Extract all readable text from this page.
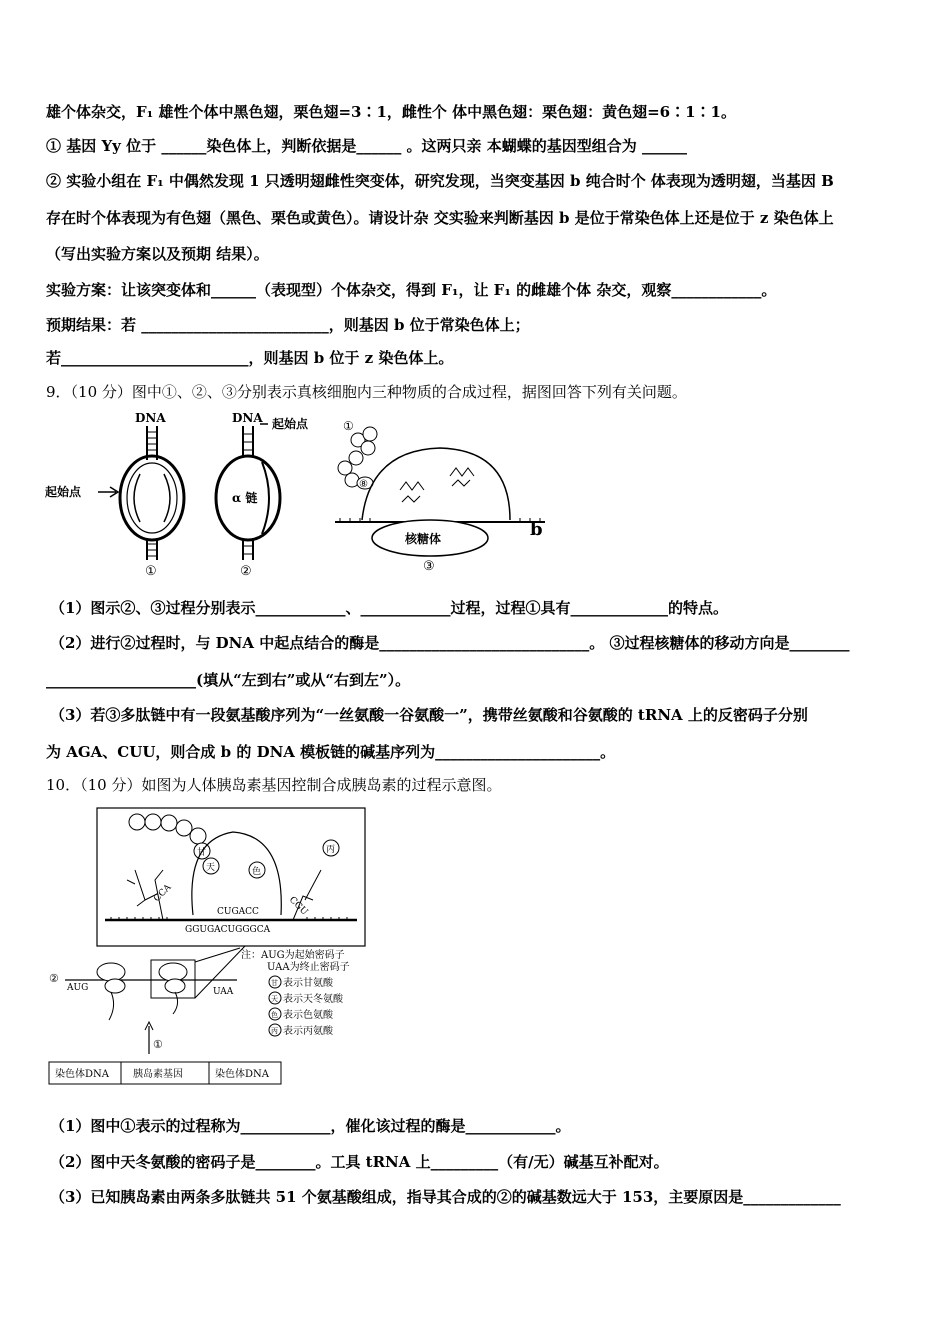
雄个体杂交，F₁ 雄性个体中黑色翅，栗色翅=3∶1，雌性个 体中黑色翅：栗色翅：黄色翅=6∶1∶1。
① 基因 Yy 位于 ______染色体上，判断依据是______ 。这两只亲 本蝴蝶的基因型组合为 ______
② 实验小组在 F₁ 中偶然发现 1 只透明翅雌性突变体，研究发现，当突变基因 b 纯合时个 体表现为透明翅，当基因 B
存在时个体表现为有色翅（黑色、栗色或黄色）。请设计杂 交实验来判断基因 b 是位于常染色体上还是位于 z 染色体上
（写出实验方案以及预期 结果）。
实验方案：让该突变体和______（表现型）个体杂交，得到 F₁，让 F₁ 的雌雄个体 杂交，观察____________。
预期结果：若 _________________________，则基因 b 位于常染色体上；
若_________________________，则基因 b 位于 z 染色体上。
9．（10 分）图中①、②、③分别表示真核细胞内三种物质的合成过程，据图回答下列有关问题。
DNA
起始点
①
DNA 起始点
α 链
②
①
⑧
核糖体	b
③
（1）图示②、③过程分别表示____________、____________过程，过程①具有_____________的特点。
（2）进行②过程时，与 DNA 中起点结合的酶是____________________________。 ③过程核糖体的移动方向是________
____________________(填从“左到右”或从“右到左”）。
（3）若③多肽链中有一段氨基酸序列为“一丝氨酸一谷氨酸一”，携带丝氨酸和谷氨酸的 tRNA 上的反密码子分别
为 AGA、CUU，则合成 b 的 DNA 模板链的碱基序列为______________________。
10．（10 分）如图为人体胰岛素基因控制合成胰岛素的过程示意图。
甘
天	色
丙
CCA
CGU
CUGACC
GGUGACUGGGCA
②
AUG	UAA
①
注：AUG为起始密码子
UAA为终止密码子
甘 表示甘氨酸
天 表示天冬氨酸
色 表示色氨酸
丙 表示丙氨酸
染色体DNA 胰岛素基因	染色体DNA
（1）图中①表示的过程称为____________，催化该过程的酶是____________。
（2）图中天冬氨酸的密码子是________。工具 tRNA 上_________（有/无）碱基互补配对。
（3）已知胰岛素由两条多肽链共 51 个氨基酸组成，指导其合成的②的碱基数远大于 153，主要原因是_____________
